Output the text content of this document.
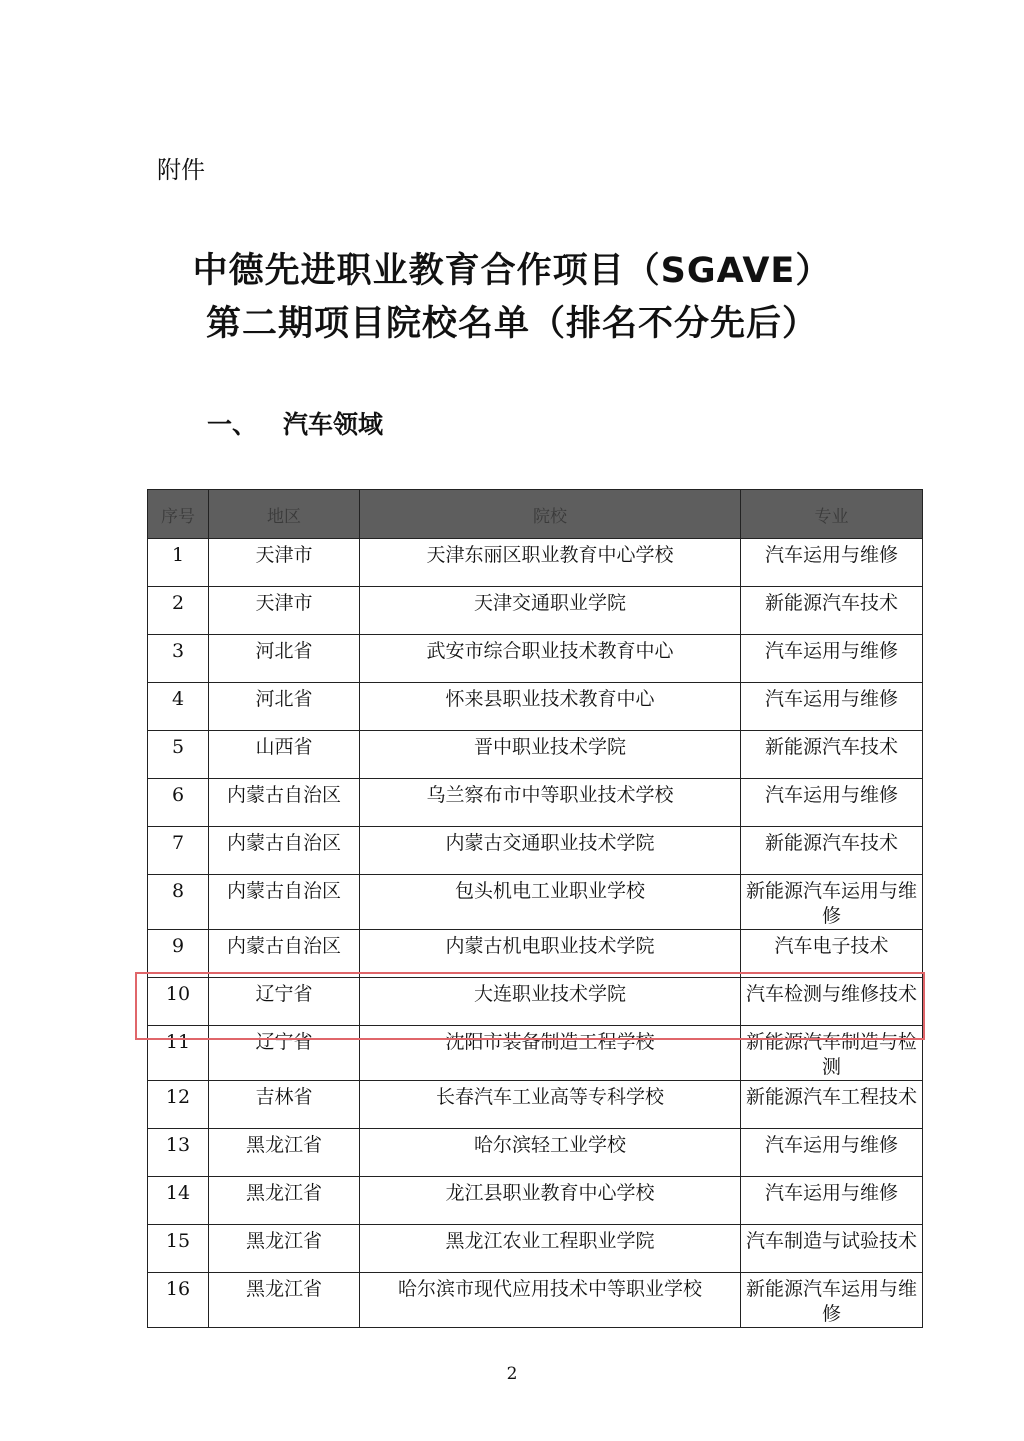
附件
中德先进职业教育合作项目（SGAVE）
第二期项目院校名单（排名不分先后）
一、 汽车领域
序号	地区	院校	专业
1	天津市	天津东丽区职业教育中心学校	汽车运用与维修
2	天津市	天津交通职业学院	新能源汽车技术
3	河北省	武安市综合职业技术教育中心	汽车运用与维修
4	河北省	怀来县职业技术教育中心	汽车运用与维修
5	山西省	晋中职业技术学院	新能源汽车技术
6	内蒙古自治区	乌兰察布市中等职业技术学校	汽车运用与维修
7	内蒙古自治区	内蒙古交通职业技术学院	新能源汽车技术
8	内蒙古自治区	包头机电工业职业学校	新能源汽车运用与维修
9	内蒙古自治区	内蒙古机电职业技术学院	汽车电子技术
10	辽宁省	大连职业技术学院	汽车检测与维修技术
11	辽宁省	沈阳市装备制造工程学校	新能源汽车制造与检测
12	吉林省	长春汽车工业高等专科学校	新能源汽车工程技术
13	黑龙江省	哈尔滨轻工业学校	汽车运用与维修
14	黑龙江省	龙江县职业教育中心学校	汽车运用与维修
15	黑龙江省	黑龙江农业工程职业学院	汽车制造与试验技术
16	黑龙江省	哈尔滨市现代应用技术中等职业学校	新能源汽车运用与维修
2
